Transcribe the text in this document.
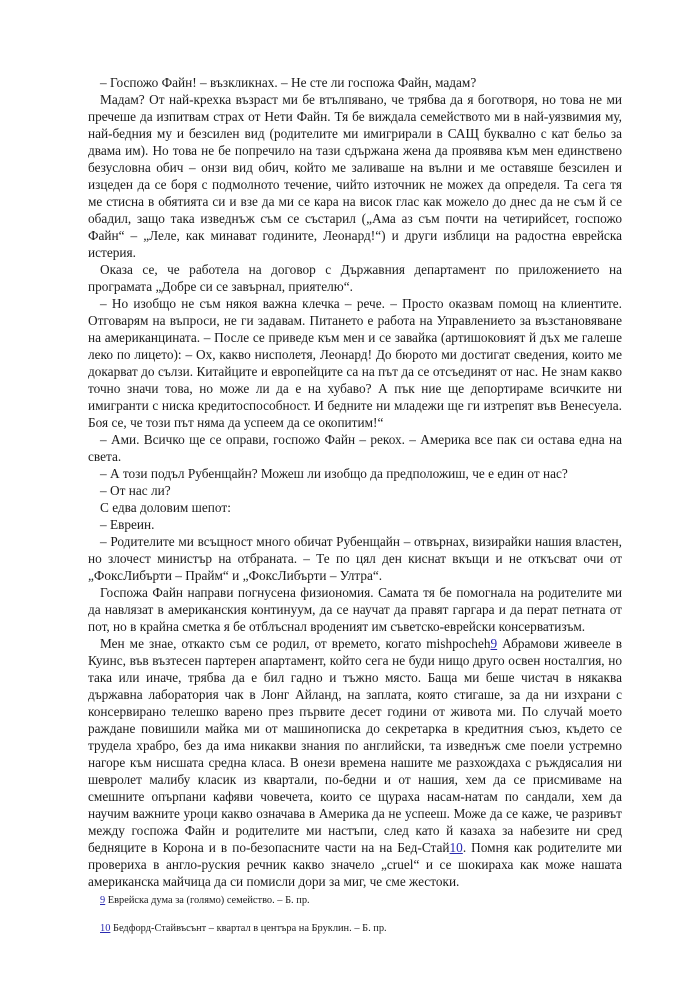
– Госпожо Файн! – възкликнах. – Не сте ли госпожа Файн, мадам?

Мадам? От най-крехка възраст ми бе втълпявано, че трябва да я боготворя, но това не ми пречеше да изпитвам страх от Нети Файн. Тя бе виждала семейството ми в най-уязвимия му, най-бедния му и безсилен вид (родителите ми имигрирали в САЩ буквално с кат бельо за двама им). Но това не бе попречило на тази сдържана жена да проявява към мен единствено безусловна обич – онзи вид обич, който ме заливаше на вълни и ме оставяше безсилен и изцеден да се боря с подмолното течение, чийто източник не можех да определя. Та сега тя ме стисна в обятията си и взе да ми се кара на висок глас как можело до днес да не съм й се обадил, защо така изведнъж съм се състарил („Ама аз съм почти на четирийсет, госпожо Файн“ – „Леле, как минават годините, Леонард!“) и други изблици на радостна еврейска истерия.

Оказа се, че работела на договор с Държавния департамент по приложението на програмата „Добре си се завърнал, приятелю“.

– Но изобщо не съм някоя важна клечка – рече. – Просто оказвам помощ на клиентите. Отговарям на въпроси, не ги задавам. Питането е работа на Управлението за възстановяване на американцината. – После се приведе към мен и се завайка (артишоковият й дъх ме галеше леко по лицето): – Ох, какво нисполетя, Леонард! До бюрото ми достигат сведения, които ме докарват до сълзи. Китайците и европейците са на път да се отсъединят от нас. Не знам какво точно значи това, но може ли да е на хубаво? А пък ние ще депортираме всичките ни имигранти с ниска кредитоспособност. И бедните ни младежи ще ги изтрепят във Венесуела. Боя се, че този път няма да успеем да се окопитим!“

– Ами. Всичко ще се оправи, госпожо Файн – рекох. – Америка все пак си остава една на света.

– А този подъл Рубенщайн? Можеш ли изобщо да предположиш, че е един от нас?

– От нас ли?

С едва доловим шепот:

– Евреин.

– Родителите ми всъщност много обичат Рубенщайн – отвърнах, визирайки нашия властен, но злочест министър на отбраната. – Те по цял ден киснат вкъщи и не откъсват очи от „ФоксЛибърти – Прайм“ и „ФоксЛибърти – Ултра“.

Госпожа Файн направи погнусена физиономия. Самата тя бе помогнала на родителите ми да навлязат в американския континуум, да се научат да правят гаргара и да перат петната от пот, но в крайна сметка я бе отблъснал вроденият им съветско-еврейски консерватизъм.

Мен ме знае, откакто съм се родил, от времето, когато mishpocheh9 Абрамови живееле в Куинс, във възтесен партерен апартамент, който сега не буди нищо друго освен носталгия, но така или иначе, трябва да е бил гадно и тъжно място. Баща ми беше чистач в някаква държавна лаборатория чак в Лонг Айланд, на заплата, която стигаше, за да ни изхрани с консервирано телешко варено през първите десет години от живота ми. По случай моето раждане повишили майка ми от машинописка до секретарка в кредитния съюз, където се трудела храбро, без да има никакви знания по английски, та изведнъж сме поели устремно нагоре към нисшата средна класа. В онези времена нашите ме разхождаха с ръждясалия ни шевролет малибу класик из квартали, по-бедни и от нашия, хем да се присмиваме на смешните опърпани кафяви човечета, които се щураха насам-натам по сандали, хем да научим важните уроци какво означава в Америка да не успееш. Може да се каже, че разривът между госпожа Файн и родителите ми настъпи, след като й казаха за набезите ни сред бедняците в Корона и в по-безопасните части на на Бед-Стай10. Помня как родителите ми провериха в англо-руския речник какво значело „cruel“ и се шокираха как може нашата американска майчица да си помисли дори за миг, че сме жестоки.

9 Еврейска дума за (голямо) семейство. – Б. пр.

10 Бедфорд-Стайвъсънт – квартал в центъра на Бруклин. – Б. пр.
